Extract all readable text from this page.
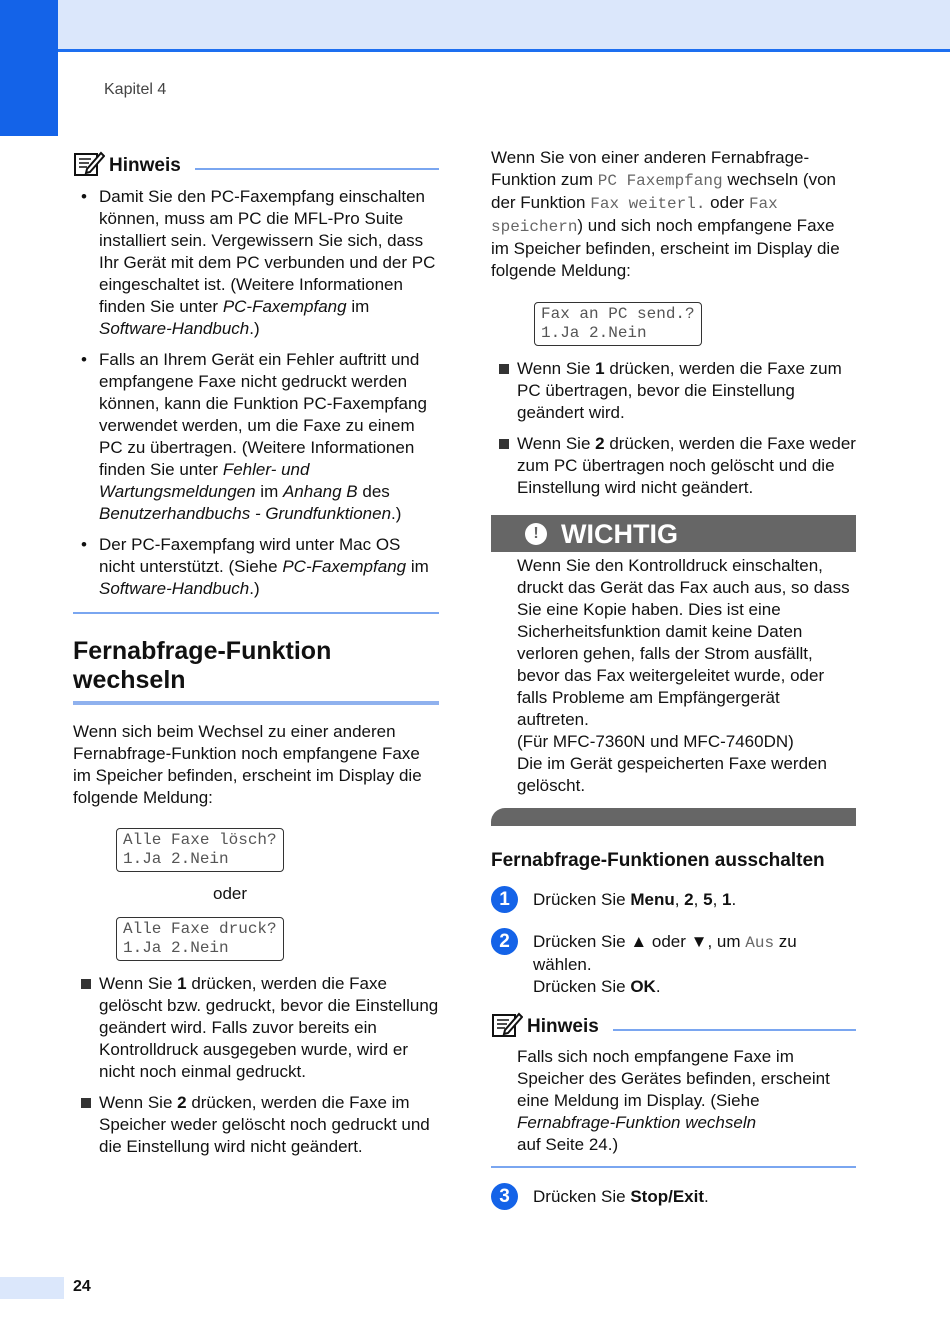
Kapitel 4
Hinweis
• Damit Sie den PC-Faxempfang einschalten können, muss am PC die MFL-Pro Suite installiert sein. Vergewissern Sie sich, dass Ihr Gerät mit dem PC verbunden und der PC eingeschaltet ist. (Weitere Informationen finden Sie unter PC-Faxempfang im Software-Handbuch.)
• Falls an Ihrem Gerät ein Fehler auftritt und empfangene Faxe nicht gedruckt werden können, kann die Funktion PC-Faxempfang verwendet werden, um die Faxe zu einem PC zu übertragen. (Weitere Informationen finden Sie unter Fehler- und Wartungsmeldungen im Anhang B des Benutzerhandbuchs - Grundfunktionen.)
• Der PC-Faxempfang wird unter Mac OS nicht unterstützt. (Siehe PC-Faxempfang im Software-Handbuch.)
Fernabfrage-Funktion
wechseln

Wenn sich beim Wechsel zu einer anderen Fernabfrage-Funktion noch empfangene Faxe im Speicher befinden, erscheint im Display die folgende Meldung:

Alle Faxe lösch?
1.Ja 2.Nein
oder
Alle Faxe druck?
1.Ja 2.Nein
Wenn Sie 1 drücken, werden die Faxe gelöscht bzw. gedruckt, bevor die Einstellung geändert wird. Falls zuvor bereits ein Kontrolldruck ausgegeben wurde, wird er nicht noch einmal gedruckt.
Wenn Sie 2 drücken, werden die Faxe im Speicher weder gelöscht noch gedruckt und die Einstellung wird nicht geändert.

Wenn Sie von einer anderen Fernabfrage-Funktion zum PC Faxempfang wechseln (von der Funktion Fax weiterl. oder Fax speichern) und sich noch empfangene Faxe im Speicher befinden, erscheint im Display die folgende Meldung:

Fax an PC send.?
1.Ja 2.Nein
Wenn Sie 1 drücken, werden die Faxe zum PC übertragen, bevor die Einstellung geändert wird.
Wenn Sie 2 drücken, werden die Faxe weder zum PC übertragen noch gelöscht und die Einstellung wird nicht geändert.
! WICHTIG
Wenn Sie den Kontrolldruck einschalten, druckt das Gerät das Fax auch aus, so dass Sie eine Kopie haben. Dies ist eine Sicherheitsfunktion damit keine Daten verloren gehen, falls der Strom ausfällt, bevor das Fax weitergeleitet wurde, oder falls Probleme am Empfängergerät auftreten.
(Für MFC-7360N und MFC-7460DN)
Die im Gerät gespeicherten Faxe werden gelöscht.
Fernabfrage-Funktionen ausschalten
1	Drücken Sie Menu, 2, 5, 1.
2	Drücken Sie ▲ oder ▼, um Aus zu wählen.
Drücken Sie OK.
Hinweis
Falls sich noch empfangene Faxe im Speicher des Gerätes befinden, erscheint eine Meldung im Display. (Siehe Fernabfrage-Funktion wechseln
auf Seite 24.)
3	Drücken Sie Stop/Exit.
24
